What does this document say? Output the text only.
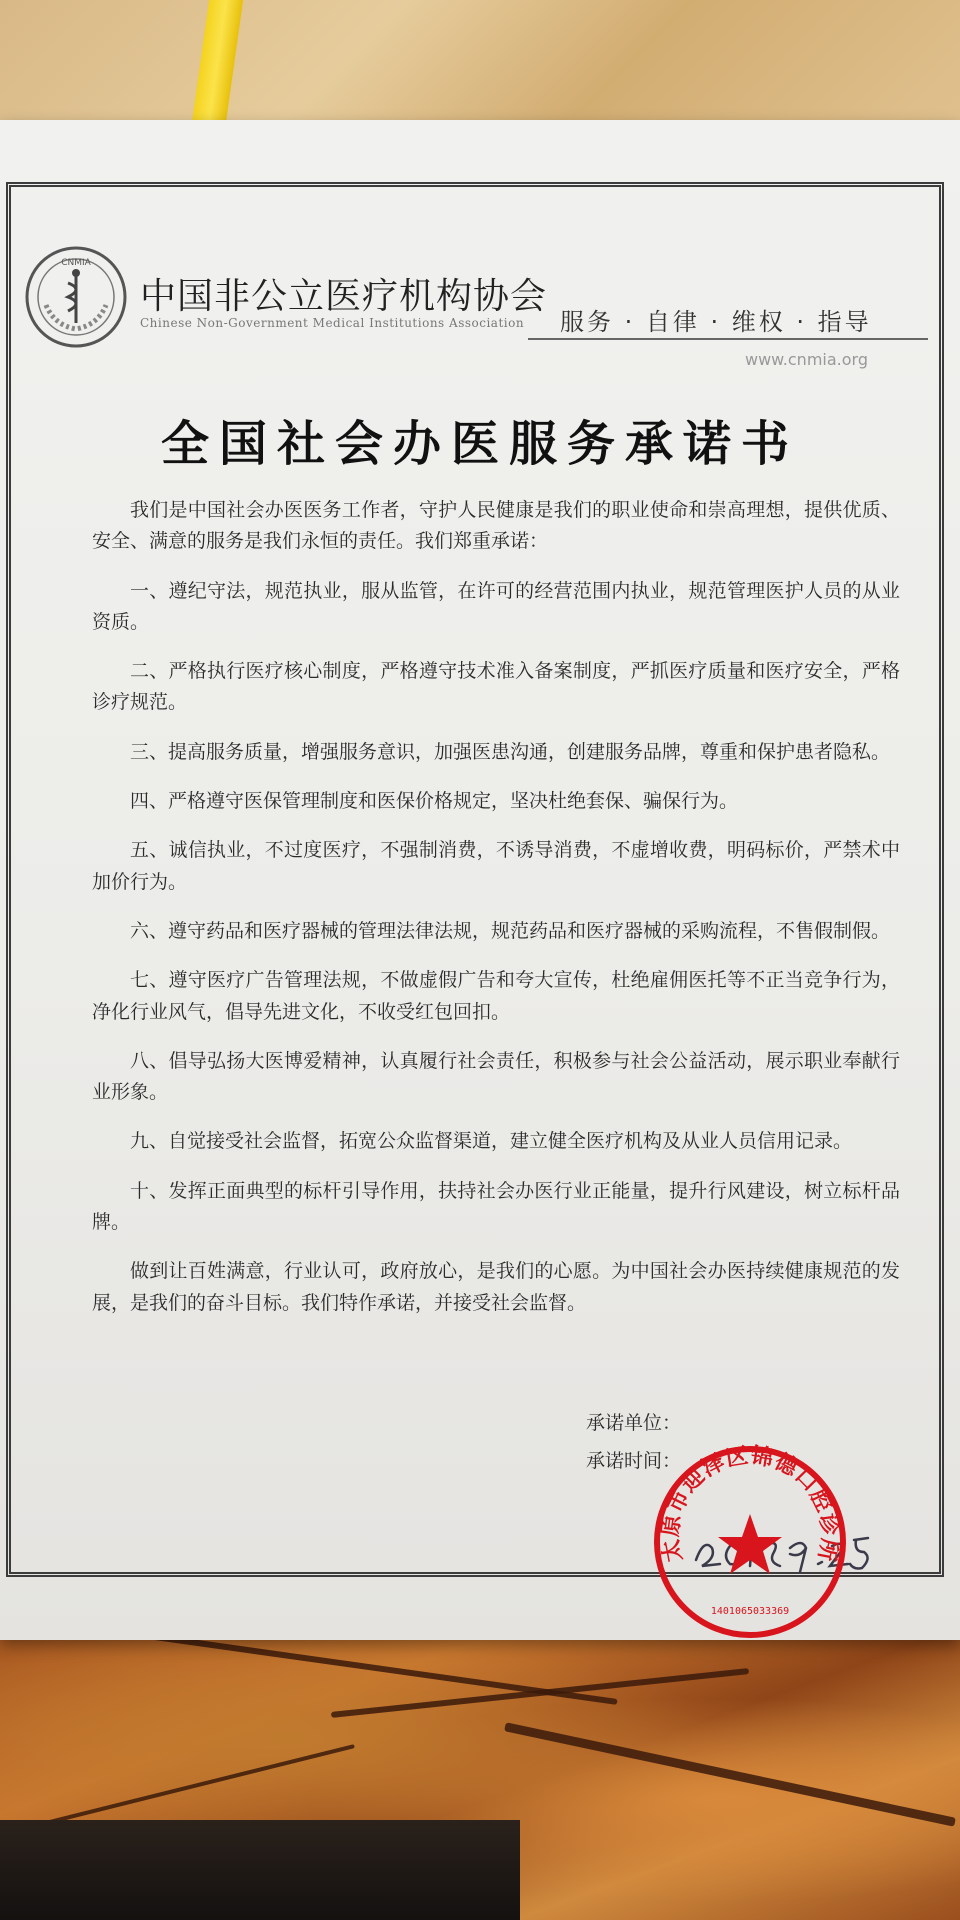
CNMIA
中国非公立医疗机构协会
Chinese Non-Government Medical Institutions Association 服务 · 自律 · 维权 · 指导
www.cnmia.org
全国社会办医服务承诺书

我们是中国社会办医医务工作者，守护人民健康是我们的职业使命和崇高理想，提供优质、安全、满意的服务是我们永恒的责任。我们郑重承诺：

一、遵纪守法，规范执业，服从监管，在许可的经营范围内执业，规范管理医护人员的从业资质。

二、严格执行医疗核心制度，严格遵守技术准入备案制度，严抓医疗质量和医疗安全，严格诊疗规范。

三、提高服务质量，增强服务意识，加强医患沟通，创建服务品牌，尊重和保护患者隐私。

四、严格遵守医保管理制度和医保价格规定，坚决杜绝套保、骗保行为。

五、诚信执业，不过度医疗，不强制消费，不诱导消费，不虚增收费，明码标价，严禁术中加价行为。

六、遵守药品和医疗器械的管理法律法规，规范药品和医疗器械的采购流程，不售假制假。

七、遵守医疗广告管理法规，不做虚假广告和夸大宣传，杜绝雇佣医托等不正当竞争行为，净化行业风气，倡导先进文化，不收受红包回扣。

八、倡导弘扬大医博爱精神，认真履行社会责任，积极参与社会公益活动，展示职业奉献行业形象。

九、自觉接受社会监督，拓宽公众监督渠道，建立健全医疗机构及从业人员信用记录。

十、发挥正面典型的标杆引导作用，扶持社会办医行业正能量，提升行风建设，树立标杆品牌。

做到让百姓满意，行业认可，政府放心，是我们的心愿。为中国社会办医持续健康规范的发展，是我们的奋斗目标。我们特作承诺，并接受社会监督。

承诺单位：
承诺时间：
太原市迎泽区锦德口腔诊所
1401065033369
